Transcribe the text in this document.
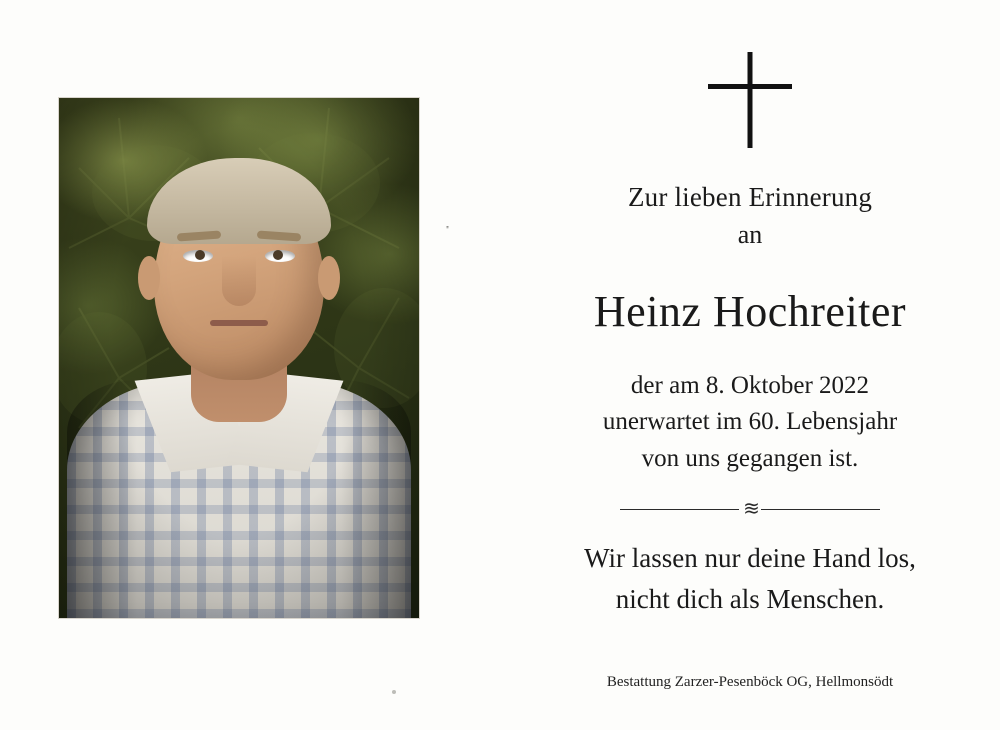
''
Zur lieben Erinnerung
an
Heinz Hochreiter
der am 8. Oktober 2022
unerwartet im 60. Lebensjahr
von uns gegangen ist.
≋
Wir lassen nur deine Hand los,
nicht dich als Menschen.
Bestattung Zarzer-Pesenböck OG, Hellmonsödt
